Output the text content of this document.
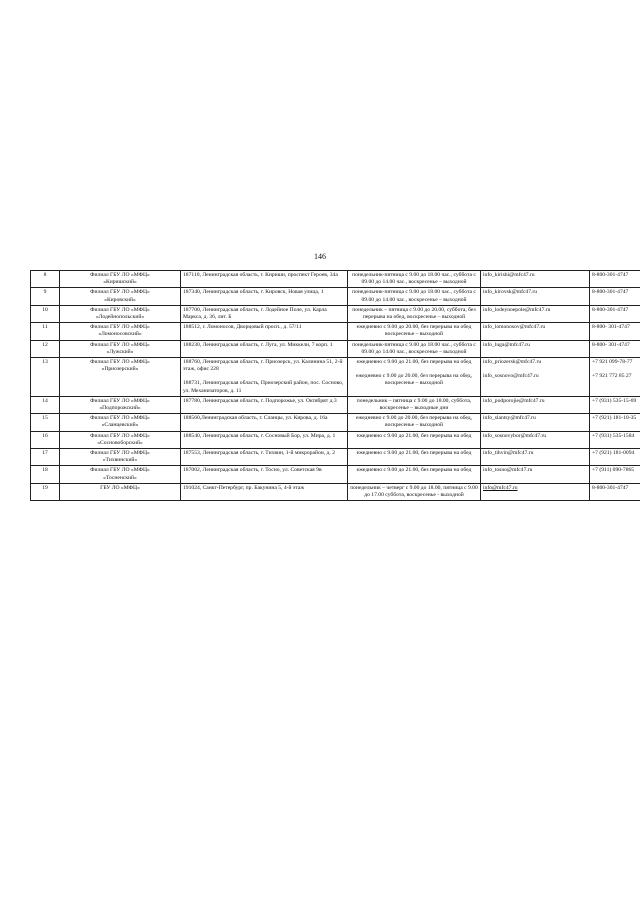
146
8	Филиал ГБУ ЛО «МФЦ»
«Киришский»	187110, Ленинградская область, г. Кириши, проспект Героев, 34а	понедельник-пятница с 9.00 до 18.00 час., суббота с 09.00 до 14.00 час., воскресенье – выходной	info_kirishi@mfc47.ru	8-800-301-4747

9	Филиал ГБУ ЛО «МФЦ»
«Кировский»	187340, Ленинградская область, г. Кировск, Новая улица, 1	понедельник-пятница с 9.00 до 18.00 час., суббота с 09.00 до 14.00 час., воскресенье – выходной	info_kirovsk@mfc47.ru	8-800-301-4747

10	Филиал ГБУ ЛО «МФЦ»
«Лодейнопольский»	187700, Ленинградская область, г. Лодейное Поле, ул. Карла Маркса, д. 36, лит. Б	понедельник – пятница с 9.00 до 20.00, суббота, без перерыва на обед, воскресенье – выходной	info_lodeynoepole@mfc47.ru	8-800-301-4747

11	Филиал ГБУ ЛО «МФЦ»
«Ломоносовский»	188512, г. Ломоносов, Дворцовый просп., д. 57/11	ежедневно с 9.00 до 20.00, без перерыва на обед
воскресенье – выходной	info_lomonosov@mfc47.ru	8-800- 301-4747

12	Филиал ГБУ ЛО «МФЦ»
«Лужский»	188230, Ленинградская область, г. Луга, ул. Миккели, 7 корп. 1	понедельник-пятница с 9.00 до 18.00 час., суббота с 09.00 до 14.00 час., воскресенье – выходной	info_luga@mfc47.ru	8-800- 301-4747

13	Филиал ГБУ ЛО «МФЦ»
«Приозерский»	188760, Ленинградская область, г. Приозерск, ул. Калинина 51, 2-й этаж, офис 228
188731, Ленинградская область, Приозерский район, пос. Сосново, ул. Механизаторов, д. 11	ежедневно с 9.00 до 21.00, без перерыва на обед
ежедневно с 9.00 до 20.00, без перерыва на обед, воскресенье – выходной	info_priozersk@mfc47.ru
info_sosnovo@mfc47.ru	+7 921 099-78-77
+7 921 772 85 27

14	Филиал ГБУ ЛО «МФЦ»
«Подпорожский»	187780, Ленинградская область, г. Подпорожье, ул. Октябрят д.3	понедельник – пятница с 9.00 до 18.00, суббота, воскресенье – выходные дни	info_podporojie@mfc47.ru	+7 (931) 535-15-69

15	Филиал ГБУ ЛО «МФЦ»
«Сланцевский»	188560,Ленинградская область, г. Сланцы, ул. Кирова, д. 16а	ежедневно с 9.00 до 20.00, без перерыва на обед, воскресенье – выходной	info_slantsy@mfc47.ru	+7 (921) 181-10-35

16	Филиал ГБУ ЛО «МФЦ»
«Сосновоборский»	188540, Ленинградская область, г. Сосновый Бор, ул. Мира, д. 1	ежедневно с 9.00 до 21.00, без перерыва на обед	info_sosnovybor@mfc47.ru	+7 (931) 535-1584

17	Филиал ГБУ ЛО «МФЦ»
«Тихвинский»	187553, Ленинградская область, г. Тихвин, 1-й микрорайон, д. 2	ежедневно с 9.00 до 21.00, без перерыва на обед	info_tihvin@mfc47.ru	+7 (921) 181-0094

18	Филиал ГБУ ЛО «МФЦ»
«Тосненский»	187002, Ленинградская область, г. Тосно, ул. Советская 9в	ежедневно с 9.00 до 21.00, без перерыва на обед	info_tosno@mfc47.ru	+7 (911) 090-7865

19	ГБУ ЛО «МФЦ»	191024, Санкт-Петербург, пр. Бакунина 5, 4-й этаж	понедельник – четверг с 9.00 до 18.00, пятница с 9.00 до 17.00 суббота, воскресенье - выходной	info@mfc47.ru	8-800-301-4747
